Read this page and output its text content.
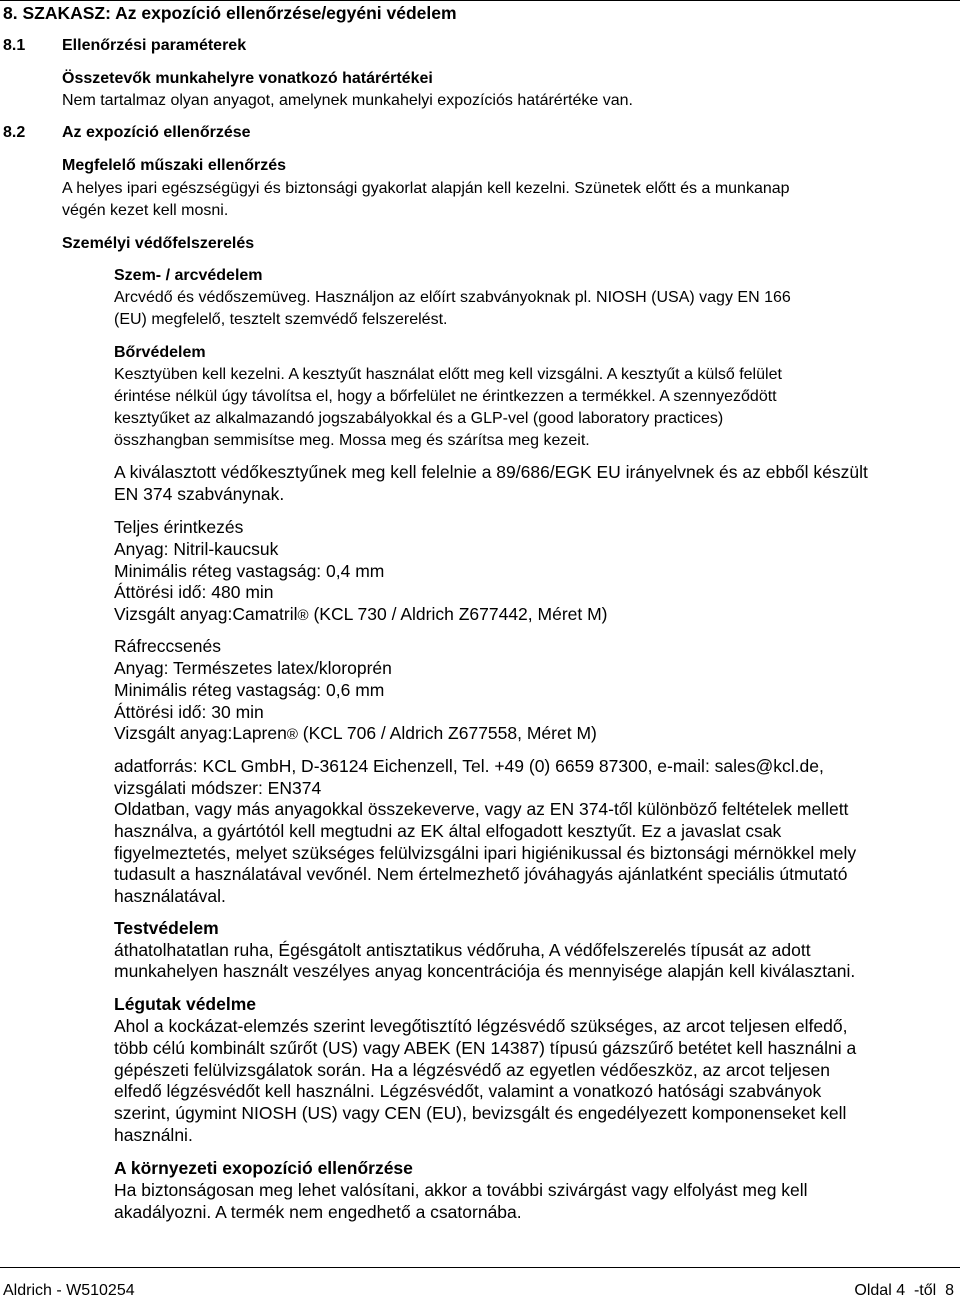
8. SZAKASZ: Az expozíció ellenőrzése/egyéni védelem
8.1 Ellenőrzési paraméterek
Összetevők munkahelyre vonatkozó határértékei
Nem tartalmaz olyan anyagot, amelynek munkahelyi expozíciós határértéke van.
8.2 Az expozíció ellenőrzése
Megfelelő műszaki ellenőrzés
A helyes ipari egészségügyi és biztonsági gyakorlat alapján kell kezelni. Szünetek előtt és a munkanap
végén kezet kell mosni.
Személyi védőfelszerelés
Szem- / arcvédelem
Arcvédő és védőszemüveg. Használjon az előírt szabványoknak pl. NIOSH (USA) vagy EN 166
(EU) megfelelő, tesztelt szemvédő felszerelést.
Bőrvédelem
Kesztyüben kell kezelni. A kesztyűt használat előtt meg kell vizsgálni. A kesztyűt a külső felület
érintése nélkül úgy távolítsa el, hogy a bőrfelület ne érintkezzen a termékkel. A szennyeződött
kesztyűket az alkalmazandó jogszabályokkal és a GLP-vel (good laboratory practices)
összhangban semmisítse meg. Mossa meg és szárítsa meg kezeit.
A kiválasztott védőkesztyűnek meg kell felelnie a 89/686/EGK EU irányelvnek és az ebből készült
EN 374 szabványnak.
Teljes érintkezés
Anyag: Nitril-kaucsuk
Minimális réteg vastagság: 0,4 mm
Áttörési idő: 480 min
Vizsgált anyag:Camatril® (KCL 730 / Aldrich Z677442, Méret M)
Ráfreccsenés
Anyag: Természetes latex/kloroprén
Minimális réteg vastagság: 0,6 mm
Áttörési idő: 30 min
Vizsgált anyag:Lapren® (KCL 706 / Aldrich Z677558, Méret M)
adatforrás: KCL GmbH, D-36124 Eichenzell, Tel. +49 (0) 6659 87300, e-mail: sales@kcl.de,
vizsgálati módszer: EN374
Oldatban, vagy más anyagokkal összekeverve, vagy az EN 374-től különböző feltételek mellett
használva, a gyártótól kell megtudni az EK által elfogadott kesztyűt. Ez a javaslat csak
figyelmeztetés, melyet szükséges felülvizsgálni ipari higiénikussal és biztonsági mérnökkel mely
tudasult a használatával vevőnél. Nem értelmezhető jóváhagyás ajánlatként speciális útmutató
használatával.
Testvédelem
áthatolhatatlan ruha, Égésgátolt antisztatikus védőruha, A védőfelszerelés típusát az adott
munkahelyen használt veszélyes anyag koncentrációja és mennyisége alapján kell kiválasztani.
Légutak védelme
Ahol a kockázat-elemzés szerint levegőtisztító légzésvédő szükséges, az arcot teljesen elfedő,
több célú kombinált szűrőt (US) vagy ABEK (EN 14387) típusú gázszűrő betétet kell használni a
gépészeti felülvizsgálatok során. Ha a légzésvédő az egyetlen védőeszköz, az arcot teljesen
elfedő légzésvédőt kell használni. Légzésvédőt, valamint a vonatkozó hatósági szabványok
szerint, úgymint NIOSH (US) vagy CEN (EU), bevizsgált és engedélyezett komponenseket kell
használni.
A környezeti exopozíció ellenőrzése
Ha biztonságosan meg lehet valósítani, akkor a további szivárgást vagy elfolyást meg kell
akadályozni. A termék nem engedhető a csatornába.
Aldrich - W510254	Oldal 4  -től  8
